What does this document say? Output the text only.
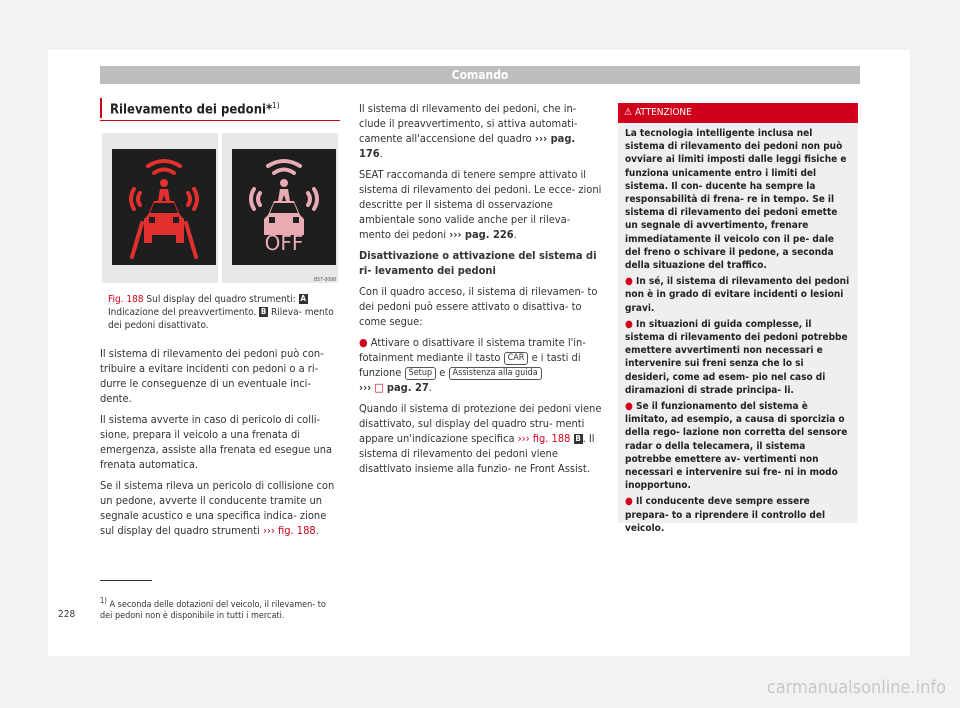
Comando
Rilevamento dei pedoni*$^{1)}$
OFF
B57-0098
Fig. 188 Sul display del quadro strumenti: A Indicazione del preavvertimento. B Rileva- mento dei pedoni disattivato.

Il sistema di rilevamento dei pedoni può con- tribuire a evitare incidenti con pedoni o a ri- durre le conseguenze di un eventuale inci- dente.

Il sistema avverte in caso di pericolo di colli- sione, prepara il veicolo a una frenata di emergenza, assiste alla frenata ed esegue una frenata automatica.

Se il sistema rileva un pericolo di collisione con un pedone, avverte il conducente tramite un segnale acustico e una specifica indica- zione sul display del quadro strumenti ››› fig. 188.

Il sistema di rilevamento dei pedoni, che in- clude il preavvertimento, si attiva automati- camente all'accensione del quadro ››› pag. 176.

SEAT raccomanda di tenere sempre attivato il sistema di rilevamento dei pedoni. Le ecce- zioni descritte per il sistema di osservazione ambientale sono valide anche per il rileva- mento dei pedoni ››› pag. 226.

Disattivazione o attivazione del sistema di ri- levamento dei pedoni

Con il quadro acceso, il sistema di rilevamen- to dei pedoni può essere attivato o disattiva- to come segue:

● Attivare o disattivare il sistema tramite l'in- fotainment mediante il tasto CAR e i tasti di funzione Setup e Assistenza alla guida
››› □ pag. 27.

Quando il sistema di protezione dei pedoni viene disattivato, sul display del quadro stru- menti appare un'indicazione specifica ››› fig. 188 B . Il sistema di rilevamento dei pedoni viene disattivato insieme alla funzio- ne Front Assist.

⚠ ATTENZIONE

La tecnologia intelligente inclusa nel sistema di rilevamento dei pedoni non può ovviare ai limiti imposti dalle leggi fisiche e funziona unicamente entro i limiti del sistema. Il con- ducente ha sempre la responsabilità di frena- re in tempo. Se il sistema di rilevamento dei pedoni emette un segnale di avvertimento, frenare immediatamente il veicolo con il pe- dale del freno o schivare il pedone, a seconda della situazione del traffico.

● In sé, il sistema di rilevamento dei pedoni non è in grado di evitare incidenti o lesioni gravi.

● In situazioni di guida complesse, il sistema di rilevamento dei pedoni potrebbe emettere avvertimenti non necessari e intervenire sui freni senza che lo si desideri, come ad esem- pio nel caso di diramazioni di strade principa- li.

● Se il funzionamento del sistema è limitato, ad esempio, a causa di sporcizia o della rego- lazione non corretta del sensore radar o della telecamera, il sistema potrebbe emettere av- vertimenti non necessari e intervenire sui fre- ni in modo inopportuno.

● Il conducente deve sempre essere prepara- to a riprendere il controllo del veicolo.

$^{1)}$ A seconda delle dotazioni del veicolo, il rilevamen- to dei pedoni non è disponibile in tutti i mercati.
228
carmanualsonline.info
